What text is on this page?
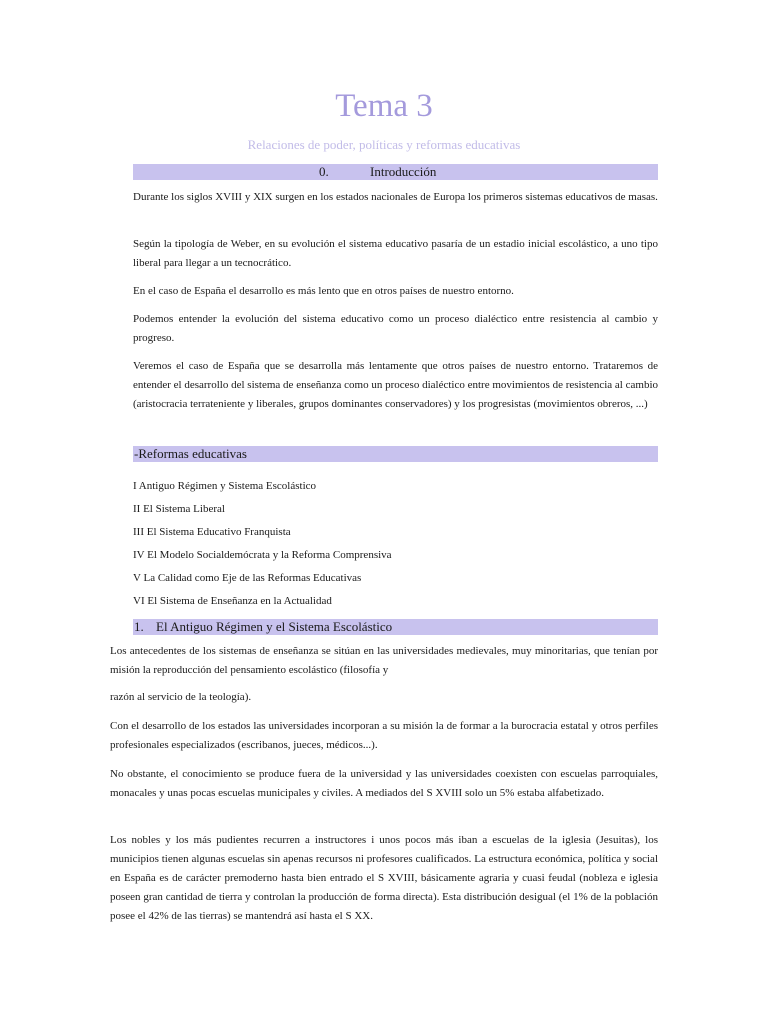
Tema 3
Relaciones de poder, políticas y reformas educativas
0.	Introducción

Durante los siglos XVIII y XIX surgen en los estados nacionales de Europa los primeros sistemas educativos de masas.

Según la tipología de Weber, en su evolución el sistema educativo pasaría de un estadio inicial escolástico, a uno tipo liberal para llegar a un tecnocrático.

En el caso de España el desarrollo es más lento que en otros países de nuestro entorno.

Podemos entender la evolución del sistema educativo como un proceso dialéctico entre resistencia al cambio y progreso.

Veremos el caso de España que se desarrolla más lentamente que otros países de nuestro entorno. Trataremos de entender el desarrollo del sistema de enseñanza como un proceso dialéctico entre movimientos de resistencia al cambio (aristocracia terrateniente y liberales, grupos dominantes conservadores) y los progresistas (movimientos obreros, ...)

-Reformas educativas
I Antiguo Régimen y Sistema Escolástico
II El Sistema Liberal
III El Sistema Educativo Franquista
IV El Modelo Socialdemócrata y la Reforma Comprensiva
V La Calidad como Eje de las Reformas Educativas
VI El Sistema de Enseñanza en la Actualidad
1. El Antiguo Régimen y el Sistema Escolástico

Los antecedentes de los sistemas de enseñanza se sitúan en las universidades medievales, muy minoritarias, que tenían por misión la reproducción del pensamiento escolástico (filosofía y

razón al servicio de la teología).

Con el desarrollo de los estados las universidades incorporan a su misión la de formar a la burocracia estatal y otros perfiles profesionales especializados (escribanos, jueces, médicos...).

No obstante, el conocimiento se produce fuera de la universidad y las universidades coexisten con escuelas parroquiales, monacales y unas pocas escuelas municipales y civiles. A mediados del S XVIII solo un 5% estaba alfabetizado.

Los nobles y los más pudientes recurren a instructores i unos pocos más iban a escuelas de la iglesia (Jesuitas), los municipios tienen algunas escuelas sin apenas recursos ni profesores cualificados. La estructura económica, política y social en España es de carácter premoderno hasta bien entrado el S XVIII, básicamente agraria y cuasi feudal (nobleza e iglesia poseen gran cantidad de tierra y controlan la producción de forma directa). Esta distribución desigual (el 1% de la población posee el 42% de las tierras) se mantendrá así hasta el S XX.
